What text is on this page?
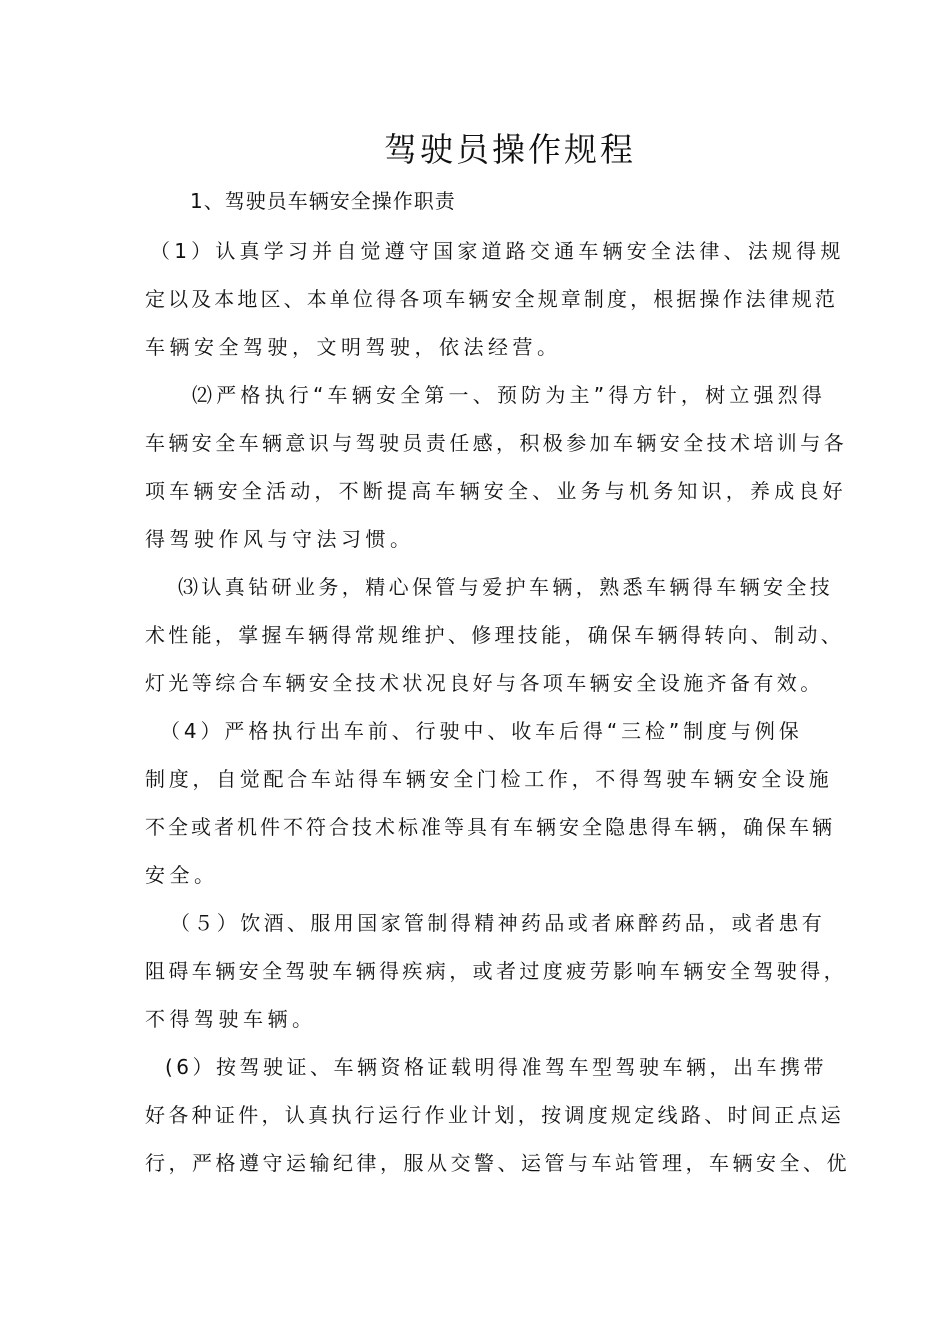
驾驶员操作规程
1、驾驶员车辆安全操作职责
（1）认真学习并自觉遵守国家道路交通车辆安全法律、法规得规
定以及本地区、本单位得各项车辆安全规章制度，根据操作法律规范
车辆安全驾驶，文明驾驶，依法经营。
⑵严格执行“车辆安全第一、预防为主”得方针，树立强烈得
车辆安全车辆意识与驾驶员责任感，积极参加车辆安全技术培训与各
项车辆安全活动，不断提高车辆安全、业务与机务知识，养成良好
得驾驶作风与守法习惯。
⑶认真钻研业务，精心保管与爱护车辆，熟悉车辆得车辆安全技
术性能，掌握车辆得常规维护、修理技能，确保车辆得转向、制动、
灯光等综合车辆安全技术状况良好与各项车辆安全设施齐备有效。
（4）严格执行出车前、行驶中、收车后得“三检”制度与例保
制度，自觉配合车站得车辆安全门检工作，不得驾驶车辆安全设施
不全或者机件不符合技术标准等具有车辆安全隐患得车辆，确保车辆
安全。
（５）饮酒、服用国家管制得精神药品或者麻醉药品，或者患有
阻碍车辆安全驾驶车辆得疾病，或者过度疲劳影响车辆安全驾驶得，
不得驾驶车辆。
(6）按驾驶证、车辆资格证载明得准驾车型驾驶车辆，出车携带
好各种证件，认真执行运行作业计划，按调度规定线路、时间正点运
行，严格遵守运输纪律，服从交警、运管与车站管理，车辆安全、优
